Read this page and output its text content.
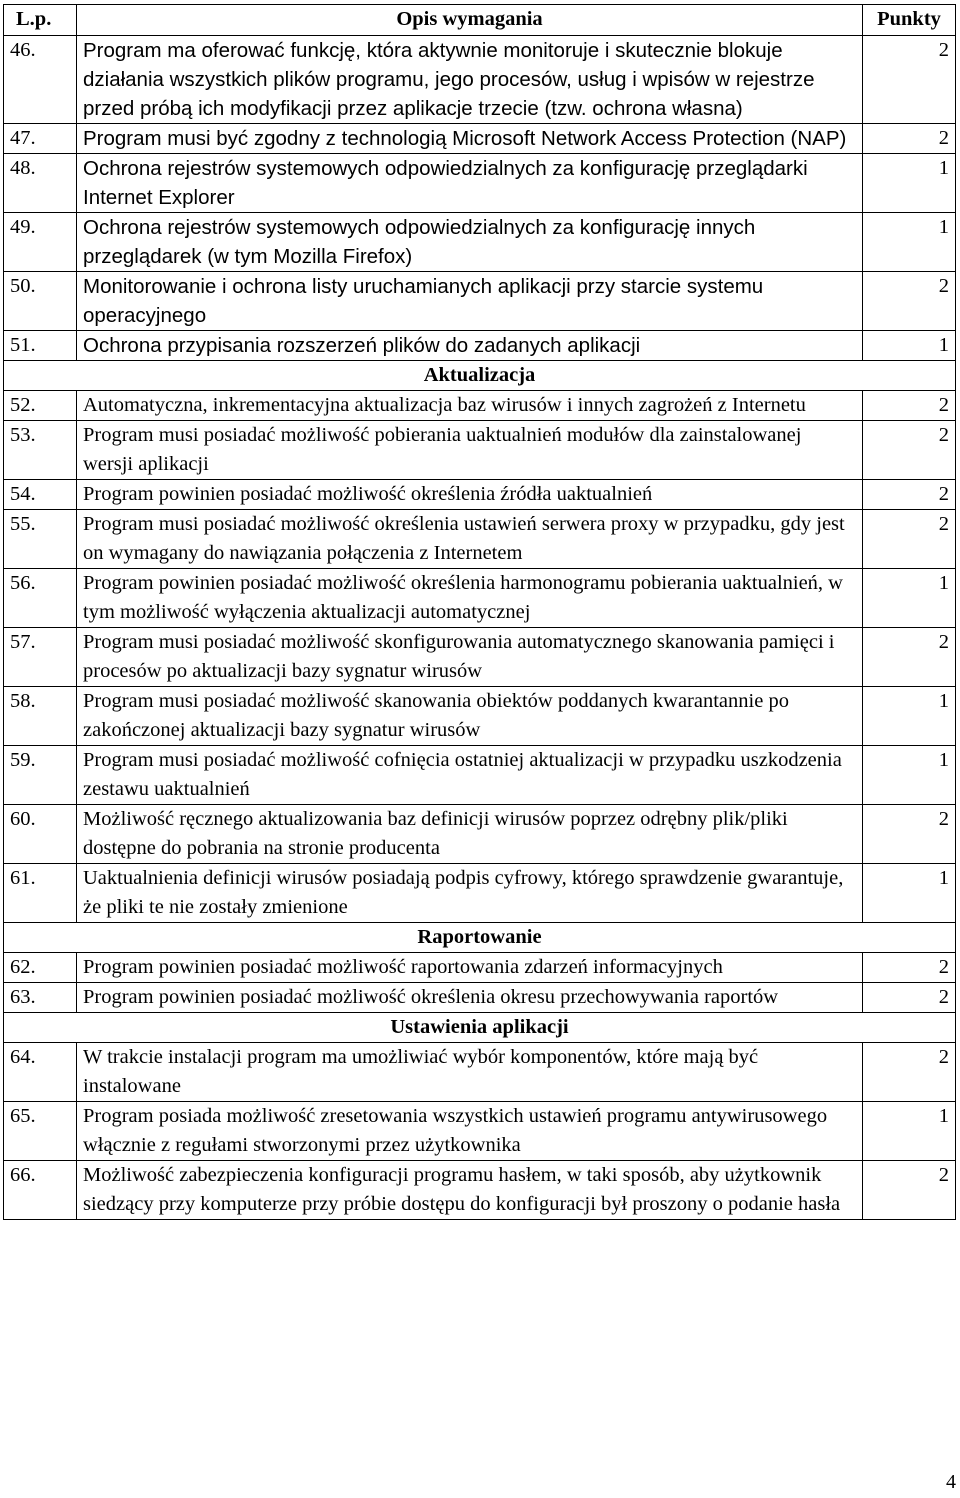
L.p.	Opis wymagania	Punkty
46.	Program ma oferować funkcję, która aktywnie monitoruje i skutecznie blokuje działania wszystkich plików programu, jego procesów, usług i wpisów w rejestrze przed próbą ich modyfikacji przez aplikacje trzecie (tzw. ochrona własna)	2
47.	Program musi być zgodny z technologią Microsoft Network Access Protection (NAP)	2
48.	Ochrona rejestrów systemowych odpowiedzialnych za konfigurację przeglądarki Internet Explorer	1
49.	Ochrona rejestrów systemowych odpowiedzialnych za konfigurację innych przeglądarek (w tym Mozilla Firefox)	1
50.	Monitorowanie i ochrona listy uruchamianych aplikacji przy starcie systemu operacyjnego	2
51.	Ochrona przypisania rozszerzeń plików do zadanych aplikacji	1
Aktualizacja		
52.	Automatyczna, inkrementacyjna aktualizacja baz wirusów i innych zagrożeń z Internetu	2
53.	Program musi posiadać możliwość pobierania uaktualnień modułów dla zainstalowanej wersji aplikacji	2
54.	Program powinien posiadać możliwość określenia źródła uaktualnień	2
55.	Program musi posiadać możliwość określenia ustawień serwera proxy w przypadku, gdy jest on wymagany do nawiązania połączenia z Internetem	2
56.	Program powinien posiadać możliwość określenia harmonogramu pobierania uaktualnień, w tym możliwość wyłączenia aktualizacji automatycznej	1
57.	Program musi posiadać możliwość skonfigurowania automatycznego skanowania pamięci i procesów po aktualizacji bazy sygnatur wirusów	2
58.	Program musi posiadać możliwość skanowania obiektów poddanych kwarantannie po zakończonej aktualizacji bazy sygnatur wirusów	1
59.	Program musi posiadać możliwość cofnięcia ostatniej aktualizacji w przypadku uszkodzenia zestawu uaktualnień	1
60.	Możliwość ręcznego aktualizowania baz definicji wirusów poprzez odrębny plik/pliki dostępne do pobrania na stronie producenta	2
61.	Uaktualnienia definicji wirusów posiadają podpis cyfrowy, którego sprawdzenie gwarantuje, że pliki te nie zostały zmienione	1
Raportowanie		
62.	Program powinien posiadać możliwość raportowania zdarzeń informacyjnych	2
63.	Program powinien posiadać możliwość określenia okresu przechowywania raportów	2
Ustawienia aplikacji		
64.	W trakcie instalacji program ma umożliwiać wybór komponentów, które mają być instalowane	2
65.	Program posiada możliwość zresetowania wszystkich ustawień programu antywirusowego włącznie z regułami stworzonymi przez użytkownika	1
66.	Możliwość zabezpieczenia konfiguracji programu hasłem, w taki sposób, aby użytkownik siedzący przy komputerze przy próbie dostępu do konfiguracji był proszony o podanie hasła	2
4
